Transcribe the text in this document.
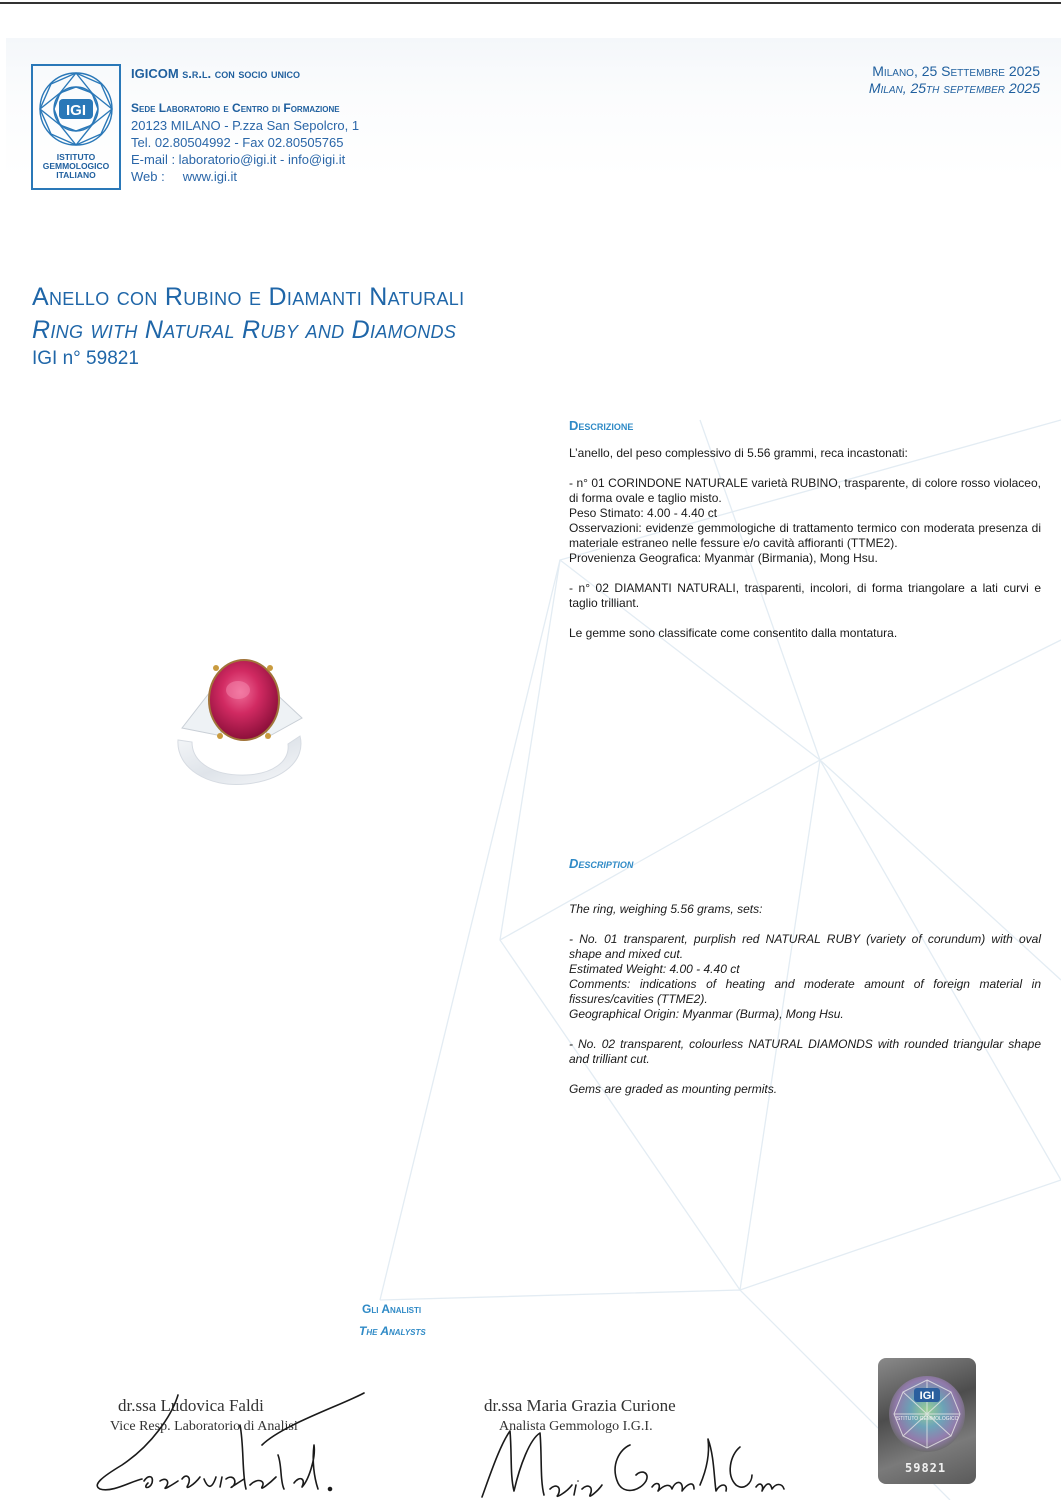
IGI
ISTITUTO
GEMMOLOGICO
ITALIANO
IGICOM s.r.l. con socio unico
Sede Laboratorio e Centro di Formazione
20123 MILANO - P.zza San Sepolcro, 1
Tel. 02.80504992 - Fax 02.80505765
E-mail : laboratorio@igi.it - info@igi.it
Web :     www.igi.it
Milano, 25 Settembre 2025
Milan, 25th september 2025
Anello con Rubino e Diamanti Naturali
Ring with Natural Ruby and Diamonds
IGI n° 59821
Descrizione

L’anello, del peso complessivo di 5.56 grammi, reca incastonati:

- n° 01 CORINDONE NATURALE varietà RUBINO, trasparente, di colore rosso violaceo, di forma ovale e taglio misto.

Peso Stimato: 4.00 - 4.40 ct

Osservazioni: evidenze gemmologiche di trattamento termico con moderata presenza di materiale estraneo nelle fessure e/o cavità affioranti (TTME2).

Provenienza Geografica: Myanmar (Birmania), Mong Hsu.

- n° 02 DIAMANTI NATURALI, trasparenti, incolori, di forma triangolare a lati curvi e taglio trilliant.

Le gemme sono classificate come consentito dalla montatura.

Description

The ring, weighing 5.56 grams, sets:

- No. 01 transparent, purplish red NATURAL RUBY (variety of corundum) with oval shape and mixed cut.

Estimated Weight: 4.00 - 4.40 ct

Comments: indications of heating and moderate amount of foreign material in fissures/cavities (TTME2).

Geographical Origin: Myanmar (Burma), Mong Hsu.

- No. 02 transparent, colourless NATURAL DIAMONDS with rounded triangular shape and trilliant cut.

Gems are graded as mounting permits.

Gli Analisti
The Analysts
dr.ssa Ludovica Faldi
Vice Resp. Laboratorio di Analisi
dr.ssa Maria Grazia Curione
Analista Gemmologo I.G.I.
IGI
ISTITUTO GEMMOLOGICO
59821
